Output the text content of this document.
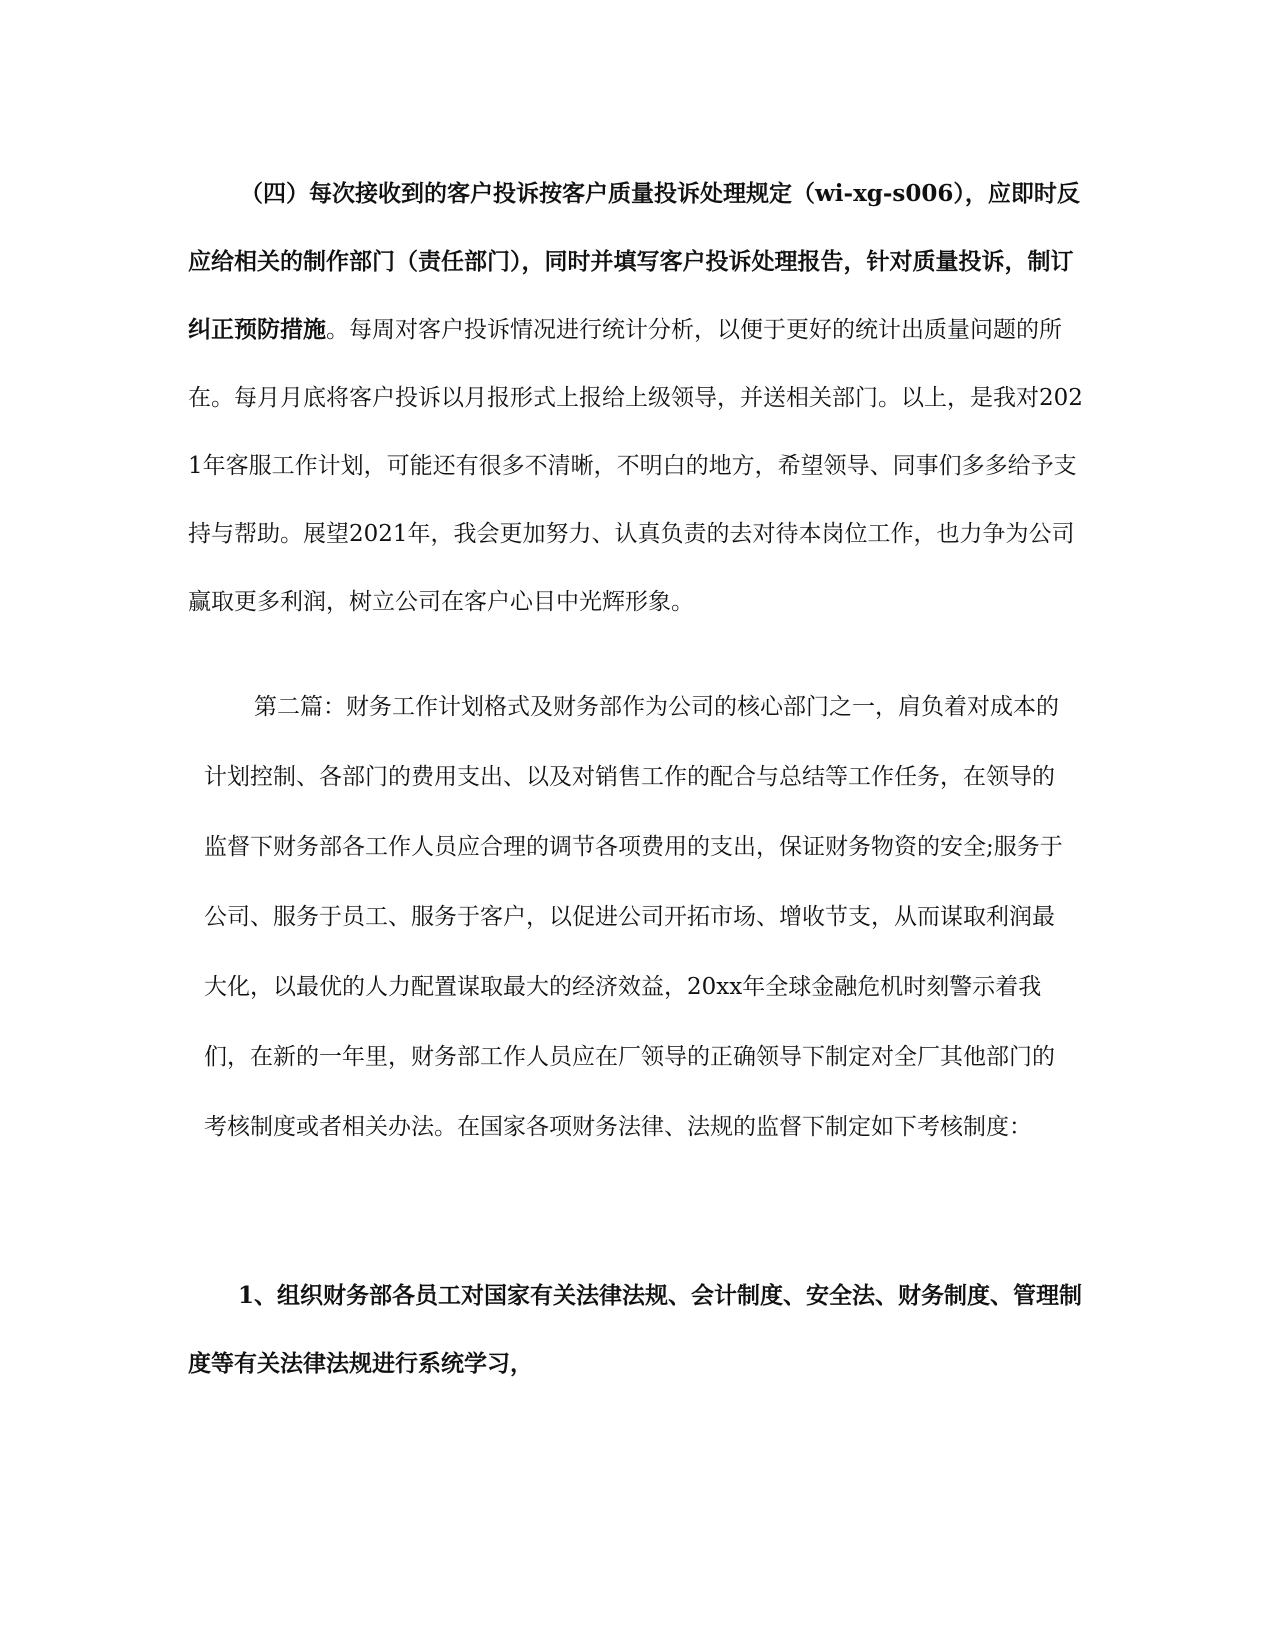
（四）每次接收到的客户投诉按客户质量投诉处理规定（wi-xg-s006），应即时反应给相关的制作部门（责任部门），同时并填写客户投诉处理报告，针对质量投诉，制订纠正预防措施。每周对客户投诉情况进行统计分析，以便于更好的统计出质量问题的所在。每月月底将客户投诉以月报形式上报给上级领导，并送相关部门。以上，是我对2021年客服工作计划，可能还有很多不清晰，不明白的地方，希望领导、同事们多多给予支持与帮助。展望2021年，我会更加努力、认真负责的去对待本岗位工作，也力争为公司赢取更多利润，树立公司在客户心目中光辉形象。

第二篇：财务工作计划格式及财务部作为公司的核心部门之一，肩负着对成本的计划控制、各部门的费用支出、以及对销售工作的配合与总结等工作任务，在领导的监督下财务部各工作人员应合理的调节各项费用的支出，保证财务物资的安全;服务于公司、服务于员工、服务于客户，以促进公司开拓市场、增收节支，从而谋取利润最大化，以最优的人力配置谋取最大的经济效益，20xx年全球金融危机时刻警示着我们，在新的一年里，财务部工作人员应在厂领导的正确领导下制定对全厂其他部门的考核制度或者相关办法。在国家各项财务法律、法规的监督下制定如下考核制度：

1、组织财务部各员工对国家有关法律法规、会计制度、安全法、财务制度、管理制度等有关法律法规进行系统学习，
